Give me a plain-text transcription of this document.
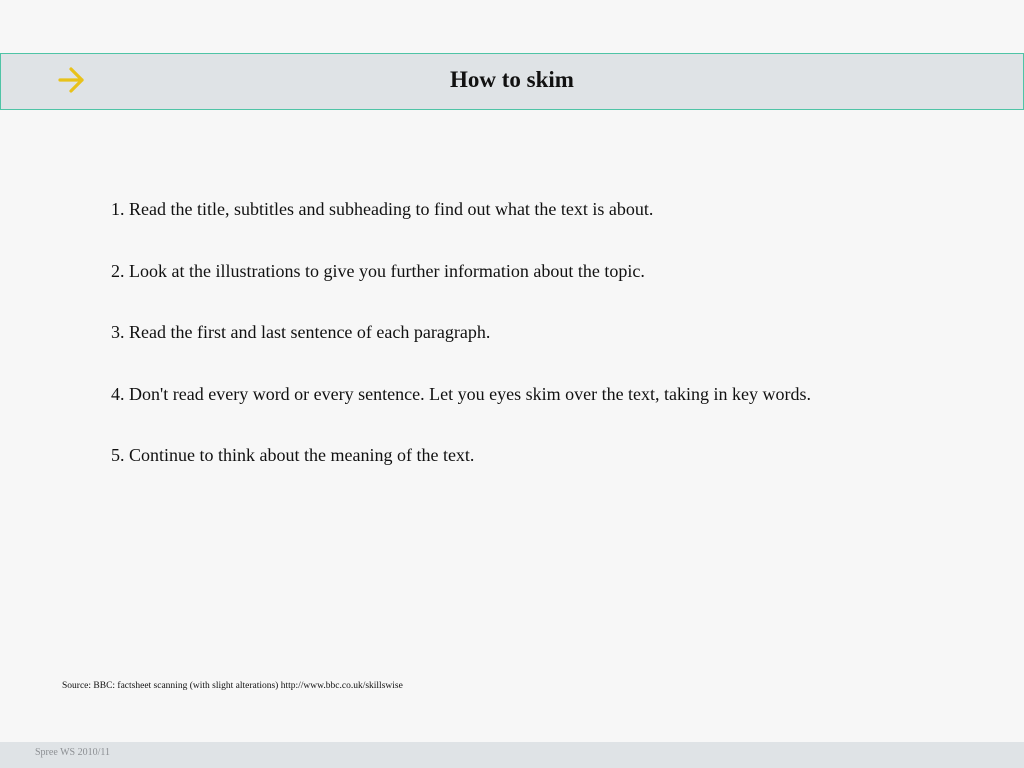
How to skim
1. Read the title, subtitles and subheading to find out what the text is about.
2. Look at the illustrations to give you further information about the topic.
3. Read the first and last sentence of each paragraph.
4. Don't read every word or every sentence. Let you eyes skim over the text, taking in key words.
5. Continue to think about the meaning of the text.
Source: BBC: factsheet scanning (with slight alterations) http://www.bbc.co.uk/skillswise
Spree WS 2010/11
